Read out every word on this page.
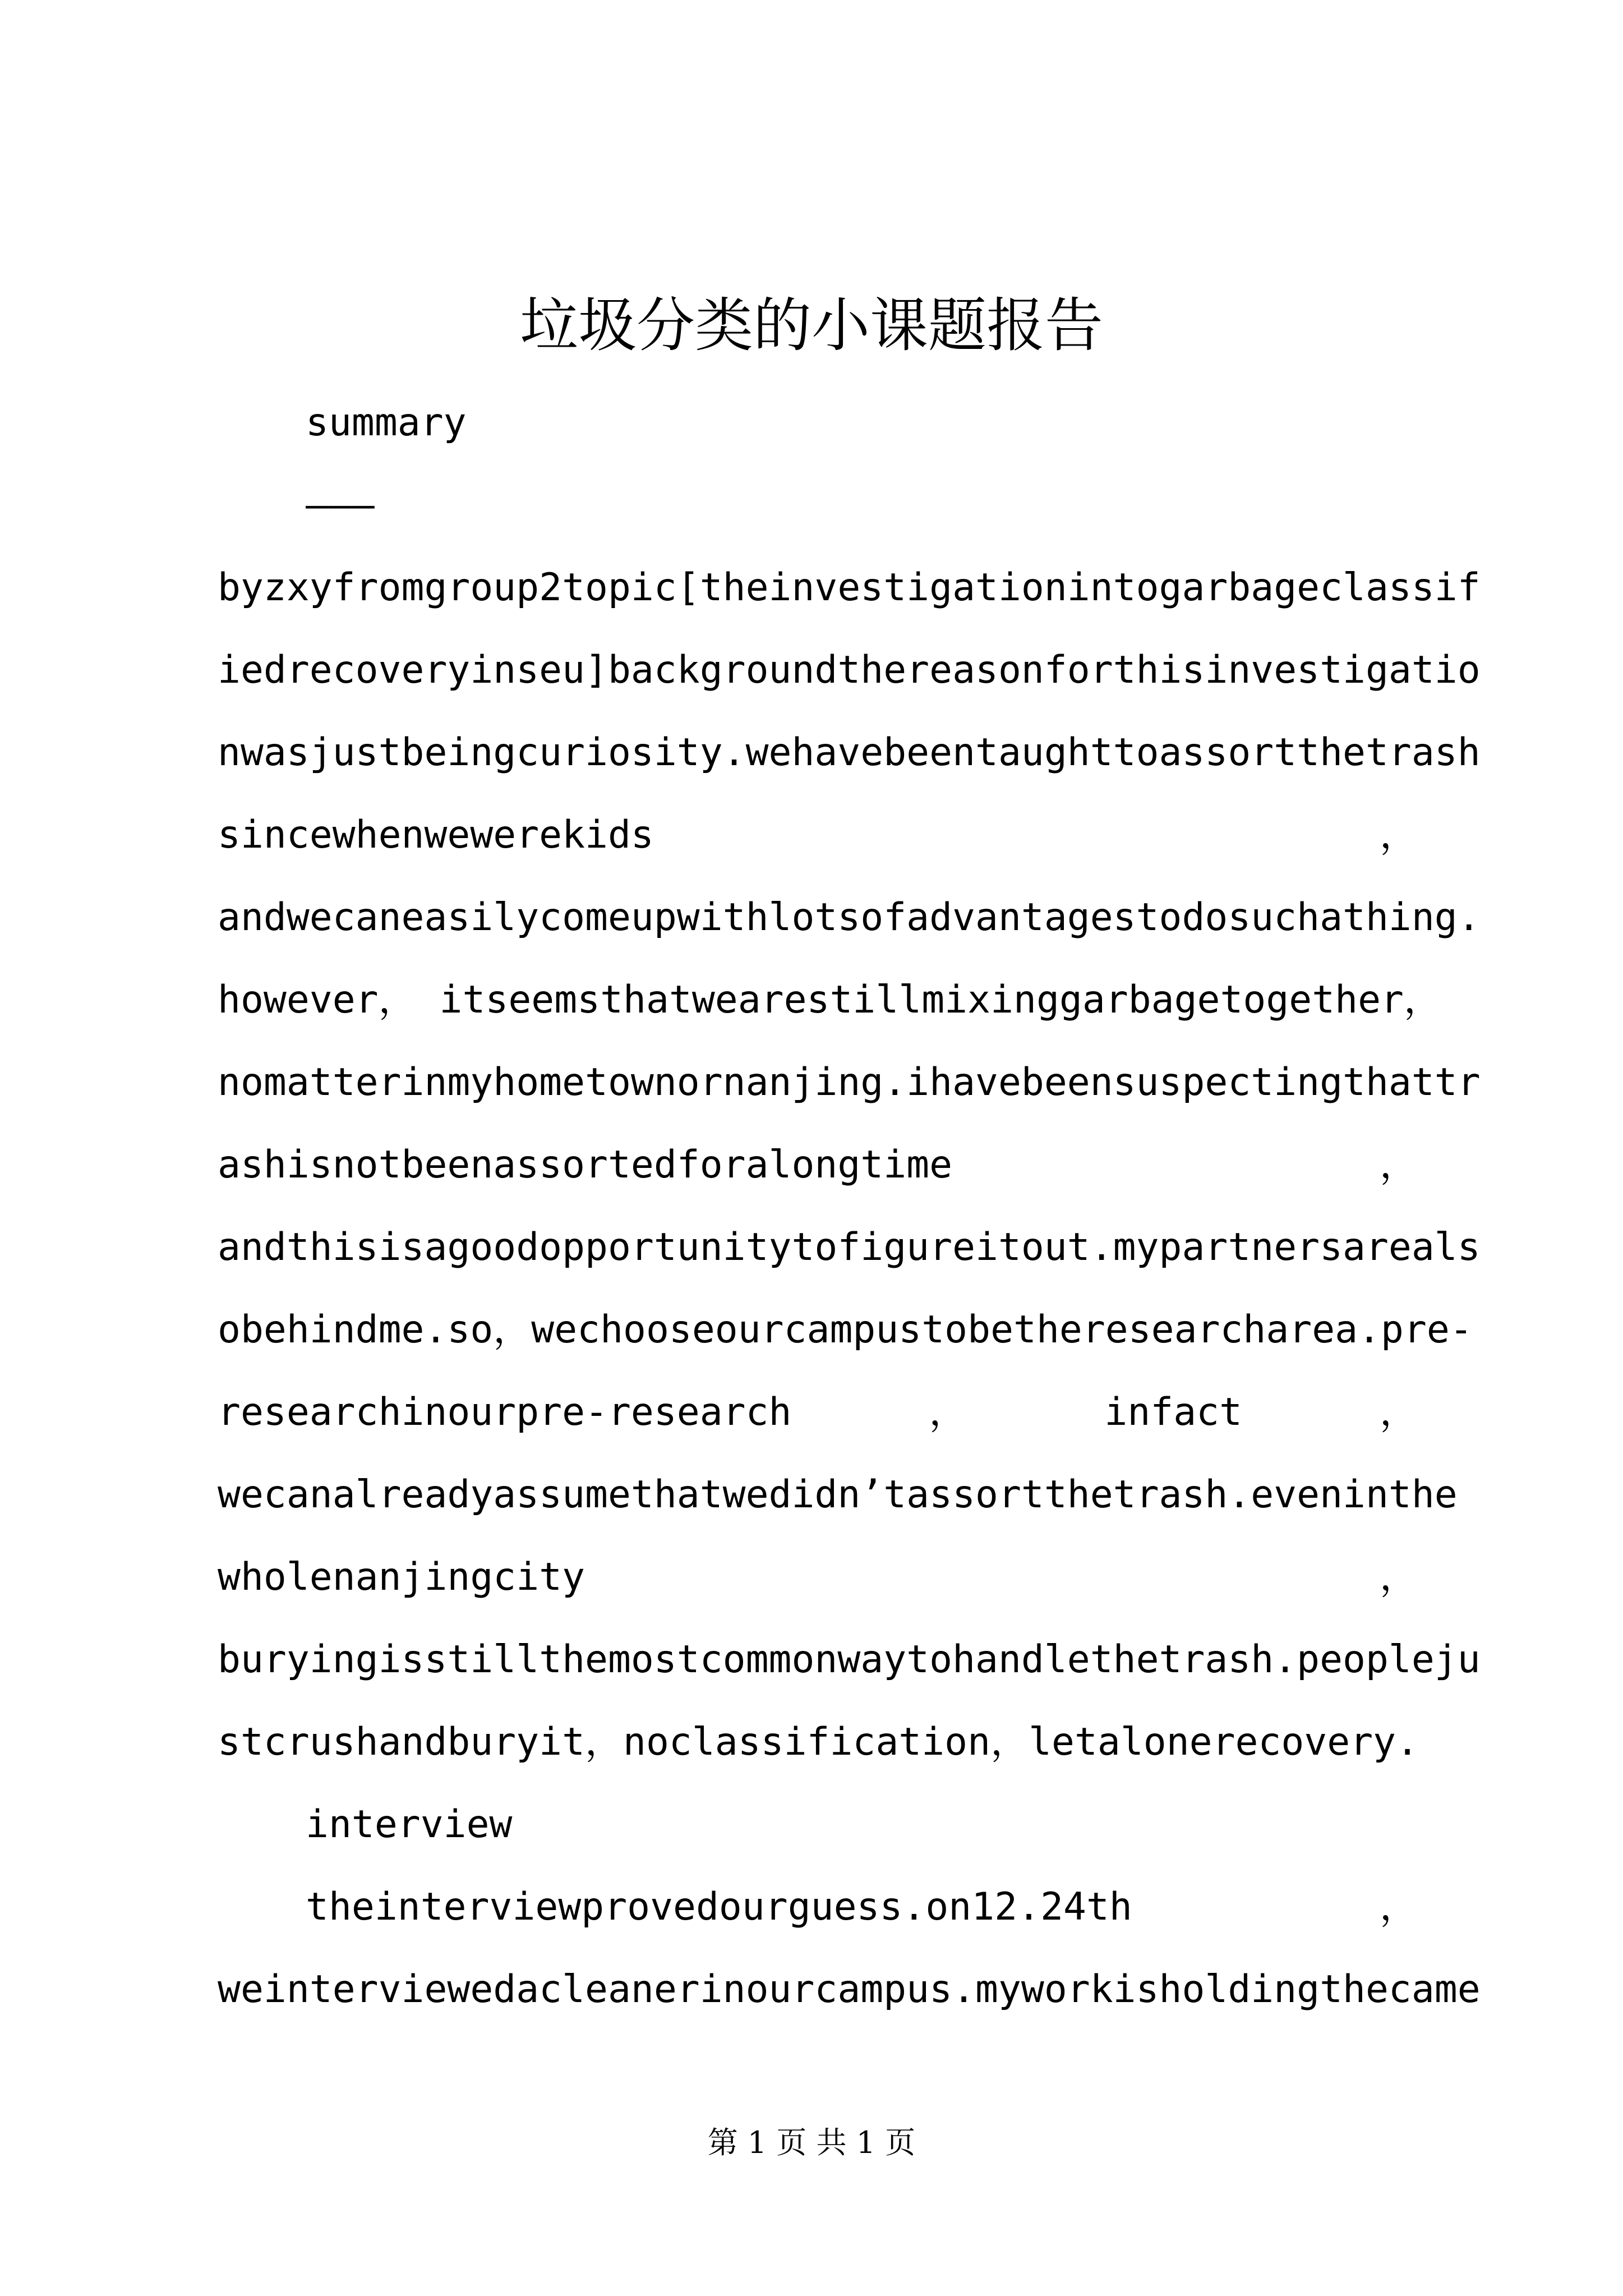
垃圾分类的小课题报告
summary
———
byzxyfromgroup2topic[theinvestigationintogarbageclassif
iedrecoveryinseu]backgroundthereasonforthisinvestigatio
nwasjustbeingcuriosity.wehavebeentaughttoassortthetrash
sincewhenwewerekids	，
andwecaneasilycomeupwithlotsofadvantagestodosuchathing.
however， itseemsthatwearestillmixinggarbagetogether，
nomatterinmyhometownornanjing.ihavebeensuspectingthattr
ashisnotbeenassortedforalongtime	，
andthisisagoodopportunitytofigureitout.mypartnersareals
obehindme.so，wechooseourcampustobetheresearcharea.pre-
researchinourpre-research	，	infact	，
wecanalreadyassumethatwedidn’tassortthetrash.eveninthe
wholenanjingcity	，
buryingisstillthemostcommonwaytohandlethetrash.peopleju
stcrushandburyit，noclassification，letalonerecovery.
interview
theinterviewprovedourguess.on12.24th	，
weinterviewedacleanerinourcampus.myworkisholdingthecame
第 1 页 共 1 页
